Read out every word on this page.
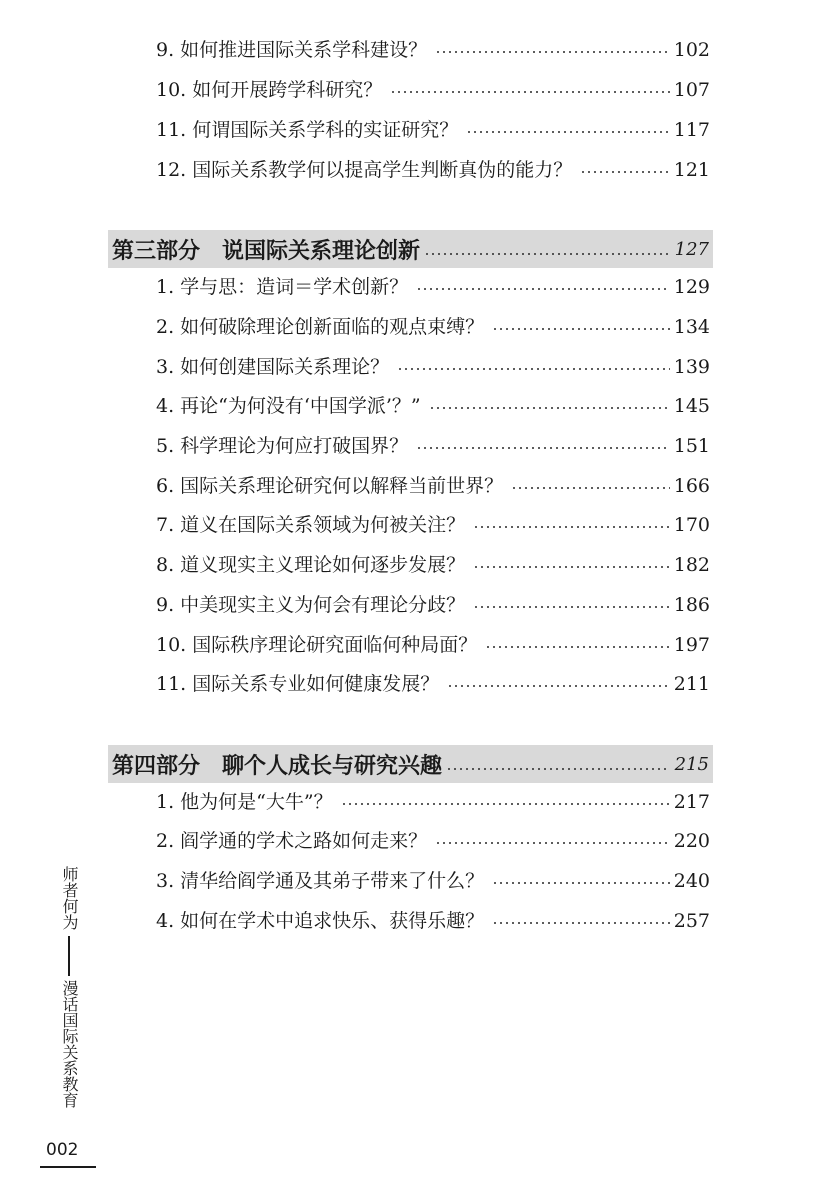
9. 如何推进国际关系学科建设？	102
10. 如何开展跨学科研究？	107
11. 何谓国际关系学科的实证研究？	117
12. 国际关系教学何以提高学生判断真伪的能力？	121
第三部分　说国际关系理论创新	127
1. 学与思：造词＝学术创新？	129
2. 如何破除理论创新面临的观点束缚？	134
3. 如何创建国际关系理论？	139
4. 再论“为何没有‘中国学派’？”	145
5. 科学理论为何应打破国界？	151
6. 国际关系理论研究何以解释当前世界？	166
7. 道义在国际关系领域为何被关注？	170
8. 道义现实主义理论如何逐步发展？	182
9. 中美现实主义为何会有理论分歧？	186
10. 国际秩序理论研究面临何种局面？	197
11. 国际关系专业如何健康发展？	211
第四部分　聊个人成长与研究兴趣	215
1. 他为何是“大牛”？	217
2. 阎学通的学术之路如何走来？	220
3. 清华给阎学通及其弟子带来了什么？	240
4. 如何在学术中追求快乐、获得乐趣？	257
师者何为
漫话国际关系教育
002
